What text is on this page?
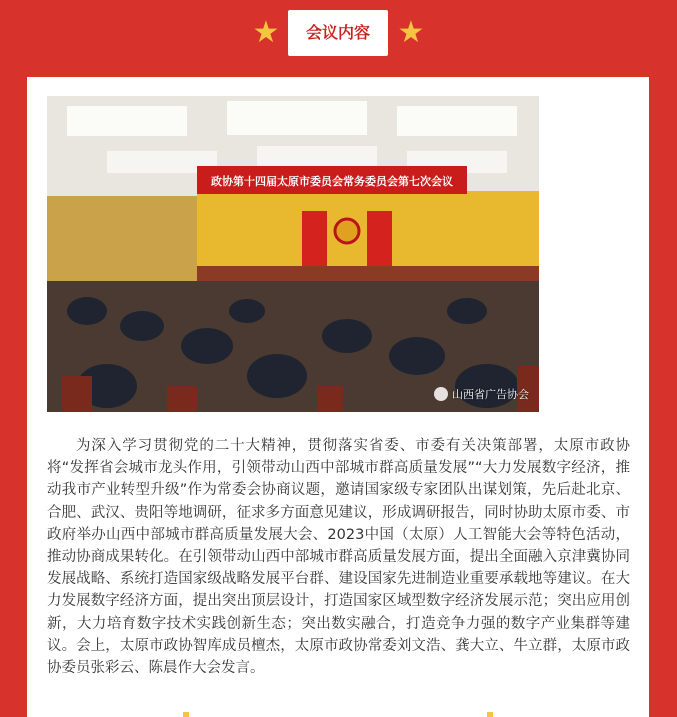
★	会议内容 ★
政协第十四届太原市委员会常务委员会第七次会议
山西省广告协会

为深入学习贯彻党的二十大精神，贯彻落实省委、市委有关决策部署，太原市政协将“发挥省会城市龙头作用，引领带动山西中部城市群高质量发展”“大力发展数字经济，推动我市产业转型升级”作为常委会协商议题，邀请国家级专家团队出谋划策，先后赴北京、合肥、武汉、贵阳等地调研，征求多方面意见建议，形成调研报告，同时协助太原市委、市政府举办山西中部城市群高质量发展大会、2023中国（太原）人工智能大会等特色活动，推动协商成果转化。在引领带动山西中部城市群高质量发展方面，提出全面融入京津冀协同发展战略、系统打造国家级战略发展平台群、建设国家先进制造业重要承载地等建议。在大力发展数字经济方面，提出突出顶层设计，打造国家区域型数字经济发展示范；突出应用创新，大力培育数字技术实践创新生态；突出数实融合，打造竞争力强的数字产业集群等建议。会上，太原市政协智库成员檀杰，太原市政协常委刘文浩、龚大立、牛立群，太原市政协委员张彩云、陈晨作大会发言。
